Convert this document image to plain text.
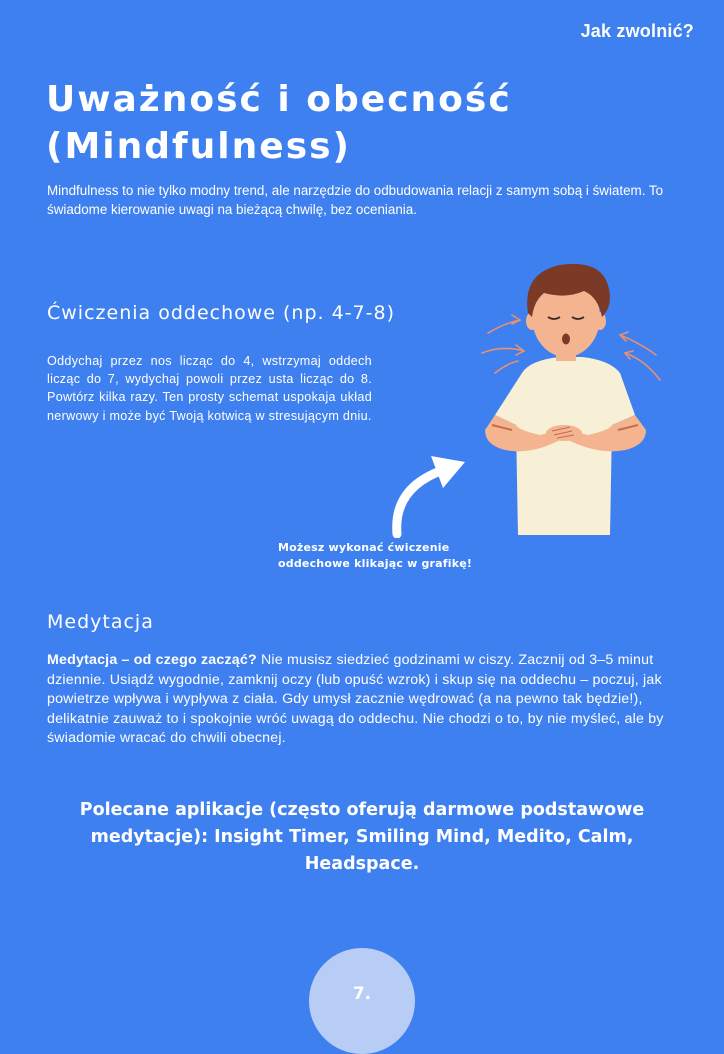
Jak zwolnić?
Uważność i obecność
(Mindfulness)

Mindfulness to nie tylko modny trend, ale narzędzie do odbudowania relacji z samym sobą i światem. To świadome kierowanie uwagi na bieżącą chwilę, bez oceniania.

Ćwiczenia oddechowe (np. 4-7-8)

Oddychaj przez nos licząc do 4, wstrzymaj oddech licząc do 7, wydychaj powoli przez usta licząc do 8. Powtórz kilka razy. Ten prosty schemat uspokaja układ nerwowy i może być Twoją kotwicą w stresującym dniu.

Możesz wykonać ćwiczenie
oddechowe klikając w grafikę!

Medytacja

Medytacja – od czego zacząć? Nie musisz siedzieć godzinami w ciszy. Zacznij od 3–5 minut dziennie. Usiądź wygodnie, zamknij oczy (lub opuść wzrok) i skup się na oddechu – poczuj, jak powietrze wpływa i wypływa z ciała. Gdy umysł zacznie wędrować (a na pewno tak będzie!), delikatnie zauważ to i spokojnie wróć uwagą do oddechu. Nie chodzi o to, by nie myśleć, ale by świadomie wracać do chwili obecnej.

Polecane aplikacje (często oferują darmowe podstawowe medytacje): Insight Timer, Smiling Mind, Medito, Calm, Headspace.

7.
